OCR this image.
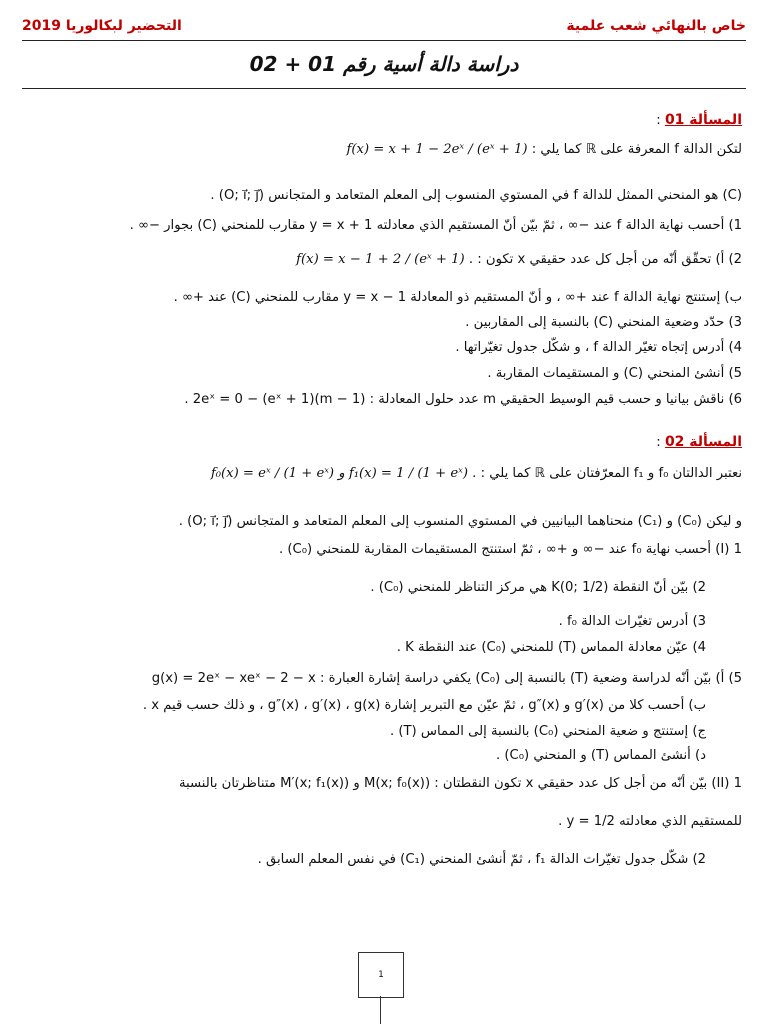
خاص بالنهائي شعب علمية
التحضير لبكالوريا 2019
دراسة دالة أسية رقم 01 + 02
المسألة 01 :
لتكن الدالة f المعرفة على ℝ كما يلي : f(x) = x + 1 − 2eˣ / (eˣ + 1)
(C) هو المنحني الممثل للدالة f في المستوي المنسوب إلى المعلم المتعامد و المتجانس (O; i⃗; j⃗) .
1) أحسب نهاية الدالة f عند −∞ ، ثمّ بيّن أنّ المستقيم الذي معادلته y = x + 1 مقارب للمنحني (C) بجوار −∞ .
2) أ) تحقّق أنّه من أجل كل عدد حقيقي x تكون : f(x) = x − 1 + 2 / (eˣ + 1) .
ب) إستنتج نهاية الدالة f عند +∞ ، و أنّ المستقيم ذو المعادلة y = x − 1 مقارب للمنحني (C) عند +∞ .
3) حدّد وضعية المنحني (C) بالنسبة إلى المقاربين .
4) أدرس إتجاه تغيّر الدالة f ، و شكّل جدول تغيّراتها .
5) أنشئ المنحني (C) و المستقيمات المقاربة .
6) ناقش بيانيا و حسب قيم الوسيط الحقيقي m عدد حلول المعادلة : (1 − m)(eˣ + 1) − 2eˣ = 0 .
المسألة 02 :
نعتبر الدالتان f₀ و f₁ المعرّفتان على ℝ كما يلي : f₀(x) = eˣ / (1 + eˣ) و f₁(x) = 1 / (1 + eˣ) .
و ليكن (C₀) و (C₁) منحناهما البيانيين في المستوي المنسوب إلى المعلم المتعامد و المتجانس (O; i⃗; j⃗) .
I) 1) أحسب نهاية f₀ عند −∞ و +∞ ، ثمّ استنتج المستقيمات المقاربة للمنحني (C₀) .
2) بيّن أنّ النقطة K(0; 1/2) هي مركز التناظر للمنحني (C₀) .
3) أدرس تغيّرات الدالة f₀ .
4) عيّن معادلة المماس (T) للمنحني (C₀) عند النقطة K .
5) أ) بيّن أنّه لدراسة وضعية (T) بالنسبة إلى (C₀) يكفي دراسة إشارة العبارة : g(x) = 2eˣ − xeˣ − 2 − x
ب) أحسب كلا من g′(x) و g″(x) ، ثمّ عيّن مع التبرير إشارة g″(x) ، g′(x) ، g(x) ، و ذلك حسب قيم x .
ج) إستنتج و ضعية المنحني (C₀) بالنسبة إلى المماس (T) .
د) أنشئ المماس (T) و المنحني (C₀) .
II) 1) بيّن أنّه من أجل كل عدد حقيقي x تكون النقطتان : M(x; f₀(x)) و M′(x; f₁(x)) متناظرتان بالنسبة
للمستقيم الذي معادلته y = 1/2 .
2) شكّل جدول تغيّرات الدالة f₁ ، ثمّ أنشئ المنحني (C₁) في نفس المعلم السابق .
1
